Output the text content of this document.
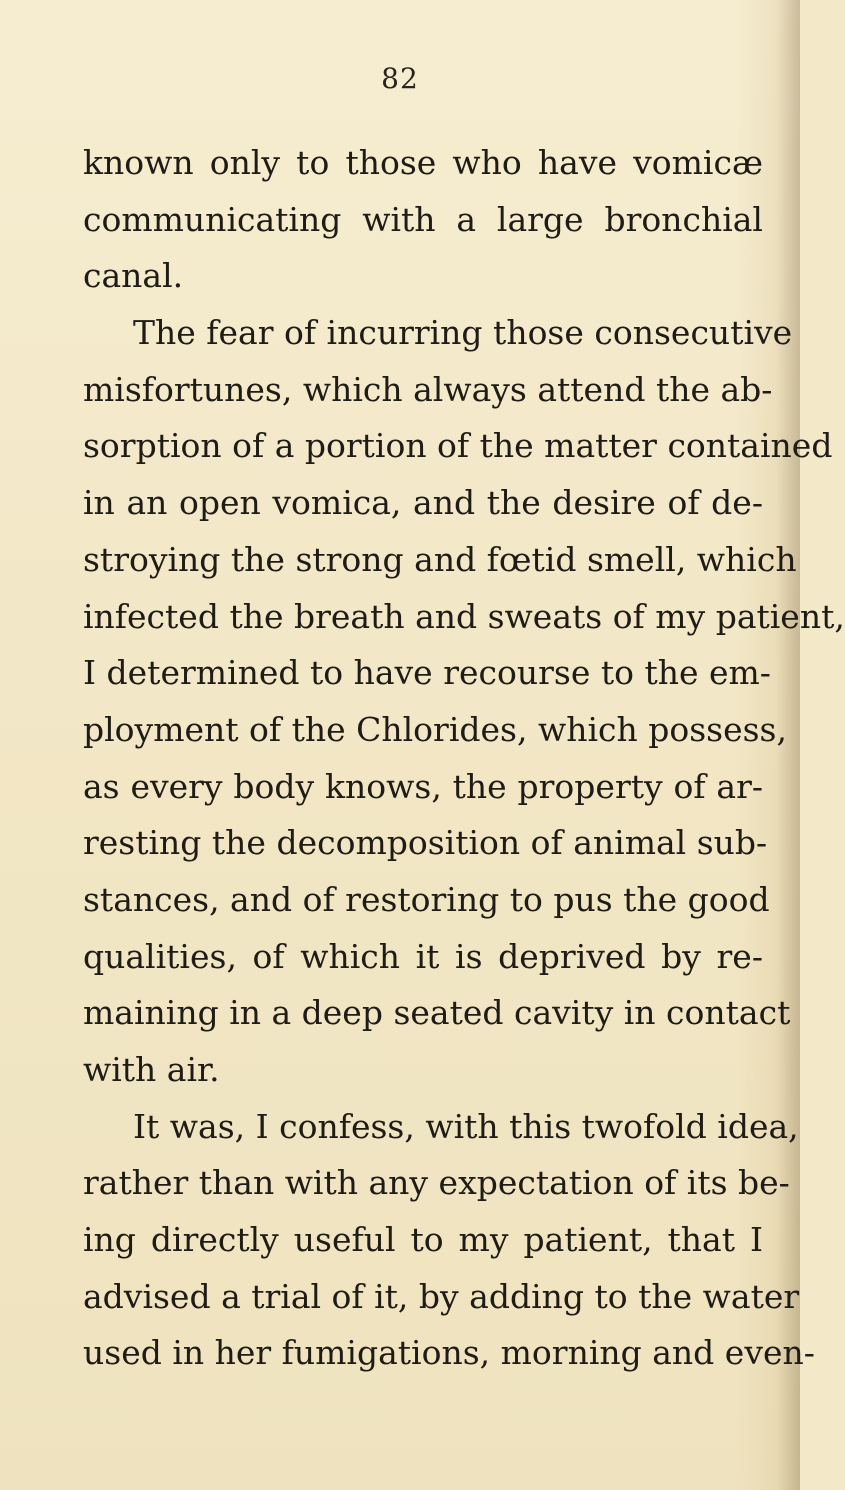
82
known only to those who have vomicæ
communicating with a large bronchial
canal.
The fear of incurring those consecutive
misfortunes, which always attend the ab-
sorption of a portion of the matter contained
in an open vomica, and the desire of de-
stroying the strong and fœtid smell, which
infected the breath and sweats of my patient,
I determined to have recourse to the em-
ployment of the Chlorides, which possess,
as every body knows, the property of ar-
resting the decomposition of animal sub-
stances, and of restoring to pus the good
qualities, of which it is deprived by re-
maining in a deep seated cavity in contact
with air.
It was, I confess, with this twofold idea,
rather than with any expectation of its be-
ing directly useful to my patient, that I
advised a trial of it, by adding to the water
used in her fumigations, morning and even-
